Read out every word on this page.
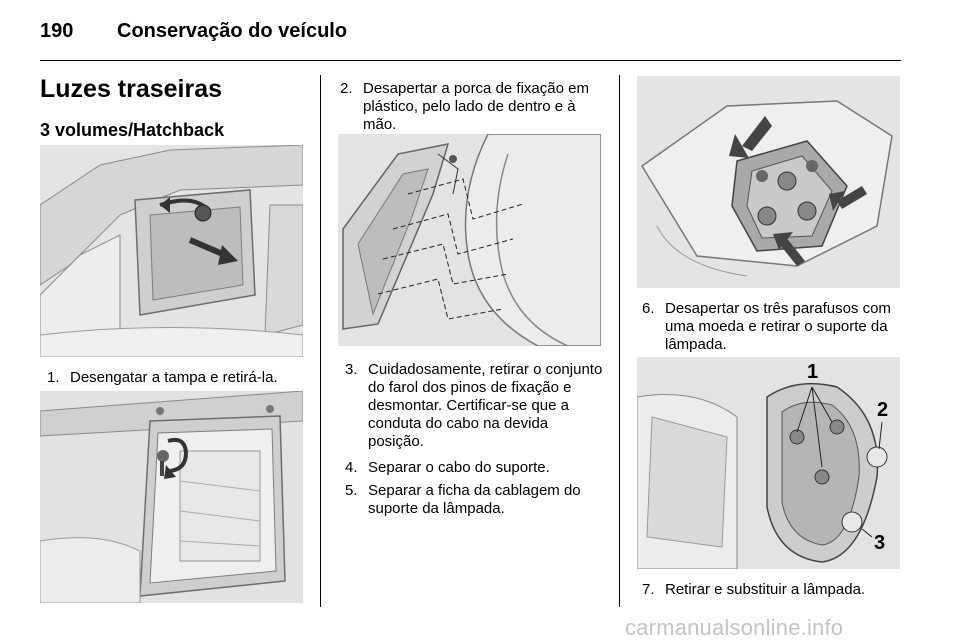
190 Conservação do veículo
Luzes traseiras
3 volumes/Hatchback
1. Desengatar a tampa e retirá-la.
2. Desapertar a porca de fixação em plástico, pelo lado de dentro e à mão.
3. Cuidadosamente, retirar o conjunto do farol dos pinos de fixação e desmontar. Certificar-se que a conduta do cabo na devida posição.
4. Separar o cabo do suporte.
5. Separar a ficha da cablagem do suporte da lâmpada.
6. Desapertar os três parafusos com uma moeda e retirar o suporte da lâmpada.
1
2
3
7. Retirar e substituir a lâmpada.
carmanualsonline.info
